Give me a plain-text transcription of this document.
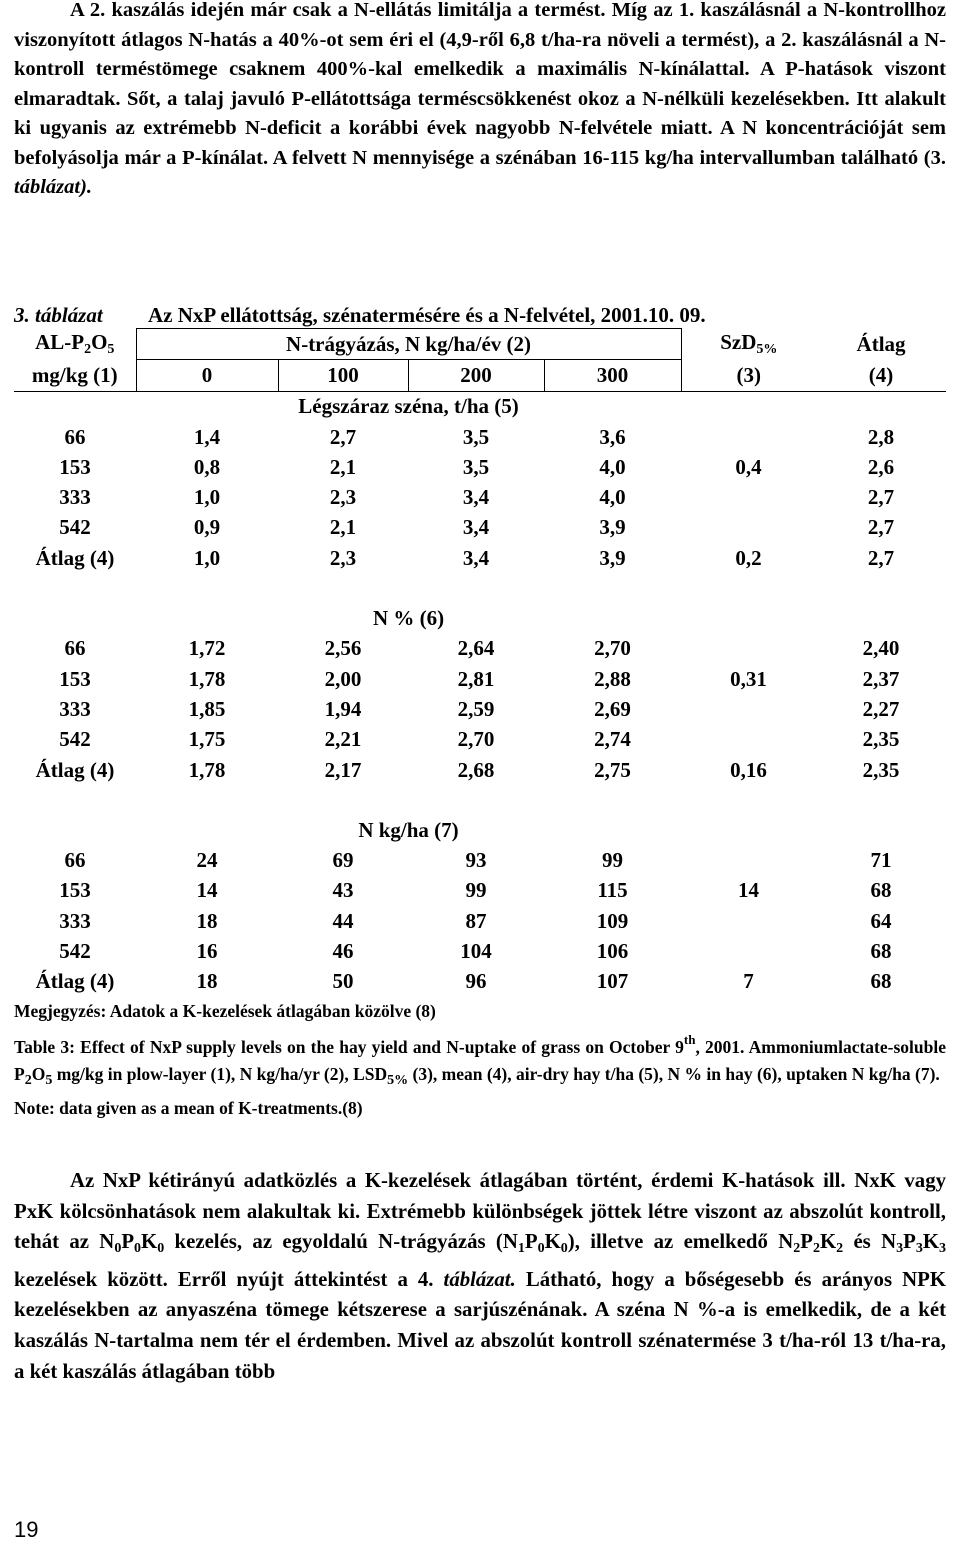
A 2. kaszálás idején már csak a N-ellátás limitálja a termést. Míg az 1. kaszálásnál a N-kontrollhoz viszonyított átlagos N-hatás a 40%-ot sem éri el (4,9-ről 6,8 t/ha-ra növeli a termést), a 2. kaszálásnál a N-kontroll terméstömege csaknem 400%-kal emelkedik a maximális N-kínálattal. A P-hatások viszont elmaradtak. Sőt, a talaj javuló P-ellátottsága terméscsökkenést okoz a N-nélküli kezelésekben. Itt alakult ki ugyanis az extrémebb N-deficit a korábbi évek nagyobb N-felvétele miatt. A N koncentrációját sem befolyásolja már a P-kínálat. A felvett N mennyisége a szénában 16-115 kg/ha intervallumban található (3. táblázat).

3. táblázat Az NxP ellátottság, szénatermésére és a N-felvétel, 2001.10. 09.
$AL-P_2O_5$	N-trágyázás, N kg/ha/év (2)				SzD$_{5\%}$	Átlag
mg/kg (1)	0	100	200	300	(3)	(4)
	Légszáraz széna, t/ha (5)					
66	1,4	2,7	3,5	3,6		2,8
153	0,8	2,1	3,5	4,0	0,4	2,6
333	1,0	2,3	3,4	4,0		2,7
542	0,9	2,1	3,4	3,9		2,7
Átlag (4)	1,0	2,3	3,4	3,9	0,2	2,7

	N % (6)					
66	1,72	2,56	2,64	2,70		2,40
153	1,78	2,00	2,81	2,88	0,31	2,37
333	1,85	1,94	2,59	2,69		2,27
542	1,75	2,21	2,70	2,74		2,35
Átlag (4)	1,78	2,17	2,68	2,75	0,16	2,35

	N kg/ha (7)					
66	24	69	93	99		71
153	14	43	99	115	14	68
333	18	44	87	109		64
542	16	46	104	106		68
Átlag (4)	18	50	96	107	7	68

Megjegyzés: Adatok a K-kezelések átlagában közölve (8)

Table 3: Effect of NxP supply levels on the hay yield and N-uptake of grass on October 9th, 2001. Ammoniumlactate-soluble $P_2O_5$ mg/kg in plow-layer (1), N kg/ha/yr (2), $LSD_{5\%}$ (3), mean (4), air-dry hay t/ha (5), N % in hay (6), uptaken N kg/ha (7).

Note: data given as a mean of K-treatments.(8)

Az NxP kétirányú adatközlés a K-kezelések átlagában történt, érdemi K-hatások ill. NxK vagy PxK kölcsönhatások nem alakultak ki. Extrémebb különbségek jöttek létre viszont az abszolút kontroll, tehát az $N_0P_0K_0$ kezelés, az egyoldalú N-trágyázás $(N_1P_0K_0)$, illetve az emelkedő $N_2P_2K_2$ és $N_3P_3K_3$ kezelések között. Erről nyújt áttekintést a 4. táblázat. Látható, hogy a bőségesebb és arányos NPK kezelésekben az anyaszéna tömege kétszerese a sarjúszénának. A széna N %-a is emelkedik, de a két kaszálás N-tartalma nem tér el érdemben. Mivel az abszolút kontroll szénatermése 3 t/ha-ról 13 t/ha-ra, a két kaszálás átlagában több

19
